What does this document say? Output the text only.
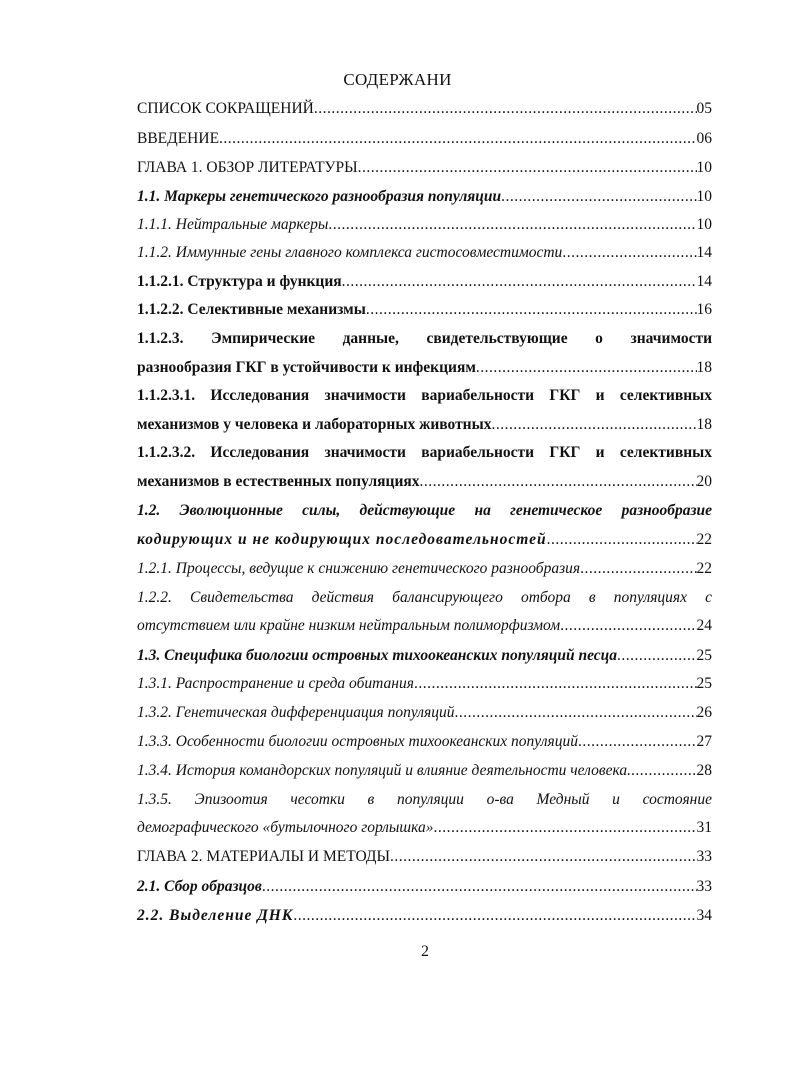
СОДЕРЖАНИ
СПИСОК СОКРАЩЕНИЙ .....	05
ВВЕДЕНИЕ .....	06
ГЛАВА 1. ОБЗОР ЛИТЕРАТУРЫ .....	10
1.1. Маркеры генетического разнообразия популяции .....	10
1.1.1. Нейтральные маркеры .....	10
1.1.2. Иммунные гены главного комплекса гистосовместимости .....	14
1.1.2.1. Структура и функция .....	14
1.1.2.2. Селективные механизмы .....	16
1.1.2.3. Эмпирические данные, свидетельствующие о значимости
разнообразия ГКГ в устойчивости к инфекциям .....	18
1.1.2.3.1. Исследования значимости вариабельности ГКГ и селективных
механизмов у человека и лабораторных животных .....	18
1.1.2.3.2. Исследования значимости вариабельности ГКГ и селективных
механизмов в естественных популяциях .....	20
1.2. Эволюционные силы, действующие на генетическое разнообразие
кодирующих и не кодирующих последовательностей .....	22
1.2.1. Процессы, ведущие к снижению генетического разнообразия .....	22
1.2.2. Свидетельства действия балансирующего отбора в популяциях с
отсутствием или крайне низким нейтральным полиморфизмом .....	24
1.3. Специфика биологии островных тихоокеанских популяций песца .....	25
1.3.1. Распространение и среда обитания .....	25
1.3.2. Генетическая дифференциация популяций .....	26
1.3.3. Особенности биологии островных тихоокеанских популяций .....	27
1.3.4. История командорских популяций и влияние деятельности человека. .....	28
1.3.5. Эпизоотия чесотки в популяции о-ва Медный и состояние
демографического «бутылочного горлышка» .....	31
ГЛАВА 2. МАТЕРИАЛЫ И МЕТОДЫ .....	33
2.1. Сбор образцов .....	33
2.2. Выделение ДНК .....	34
2
